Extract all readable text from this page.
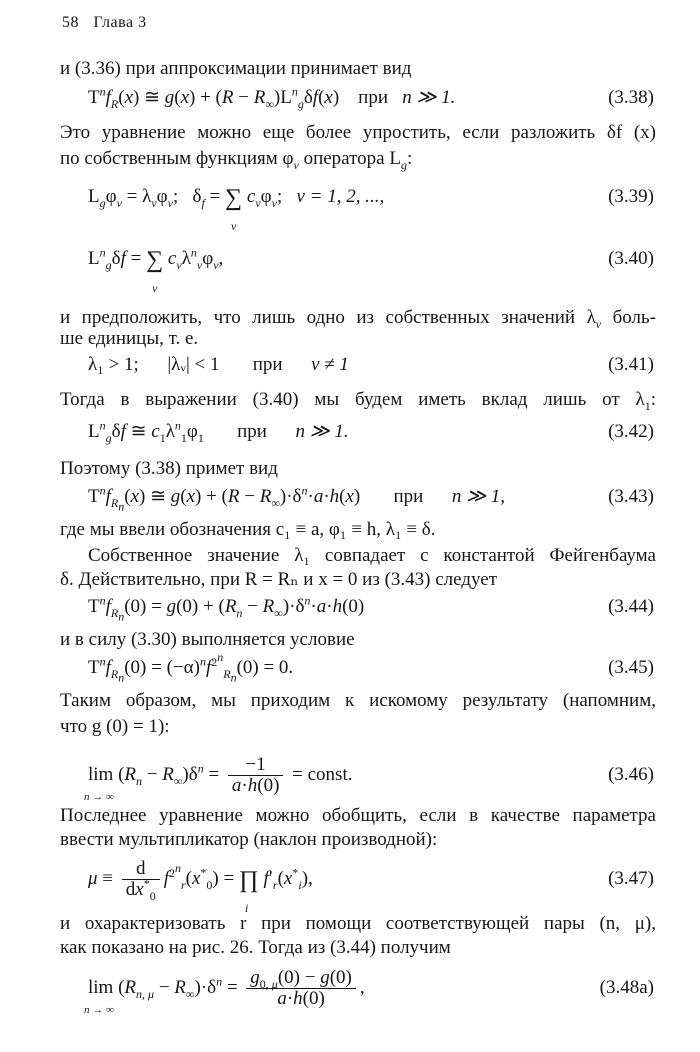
58 Глава 3
и (3.36) при аппроксимации принимает вид
$T^nf_R(x)$ ≅ $g(x) + (R - R_\infty)L^n_g\delta f(x)$    при n ≫ 1.	(3.38)
Это уравнение можно еще более упростить, если разложить δf (x)
по собственным функциям $\varphi_\nu$ оператора $L_g$:
$L_g\varphi_\nu = \lambda_\nu\varphi_\nu$;   $\delta_f$ = ∑
ν
$c_\nu\varphi_\nu$;   ν = 1, 2, ...,	(3.39)
$L^n_g\delta f$ = ∑
ν
$c_\nu\lambda^n_\nu\varphi_\nu$,	(3.40)
и предположить, что лишь одно из собственных значений $\lambda_\nu$ боль-
ше единицы, т. е.
λ₁ > 1; |λᵥ| < 1 при ν ≠ 1	(3.41)
Тогда в выражении (3.40) мы будем иметь вклад лишь от $\lambda_1$:
$L^n_g\delta f$ ≅ $c_1\lambda^n_1\varphi_1$ при n ≫ 1.	(3.42)
Поэтому (3.38) примет вид
$T^nf_{R_n}(x)$ ≅ $g(x) + (R - R_\infty)\cdot\delta^n\cdot a\cdot h(x)$       при n ≫ 1,	(3.43)
где мы ввели обозначения c₁ ≡ a, φ₁ ≡ h, λ₁ ≡ δ.
Собственное значение λ₁ совпадает с константой Фейгенбаума
δ. Действительно, при R = Rₙ и x = 0 из (3.43) следует
$T^nf_{R_n}(0) = g(0) + (R_n - R_\infty)\cdot\delta^n\cdot a\cdot h(0)$	(3.44)
и в силу (3.30) выполняется условие
$T^nf_{R_n}(0) = (-\alpha)^nf^{2^n}_{R_n}(0) = 0$.	(3.45)
Таким образом, мы приходим к искомому результату (напомним,
что g (0) = 1):
lim
n → ∞
$(R_n - R_\infty)\delta^n = \frac{-1}{a\cdot h(0)}$ = const.	(3.46)
Последнее уравнение можно обобщить, если в качестве параметра
ввести мультипликатор (наклон производной):
$\mu \equiv \frac{d}{dx^*_0} f^{2^n}_r(x^*_0)$ = ∏
i
$f'_r(x^*_i)$,	(3.47)
и охарактеризовать r при помощи соответствующей пары (n, μ),
как показано на рис. 26. Тогда из (3.44) получим
lim
n → ∞
$(R_{n, \mu} - R_\infty)\cdot\delta^n = \frac{g_{0, \mu}(0) - g(0)}{a\cdot h(0)}$ ,	(3.48a)
